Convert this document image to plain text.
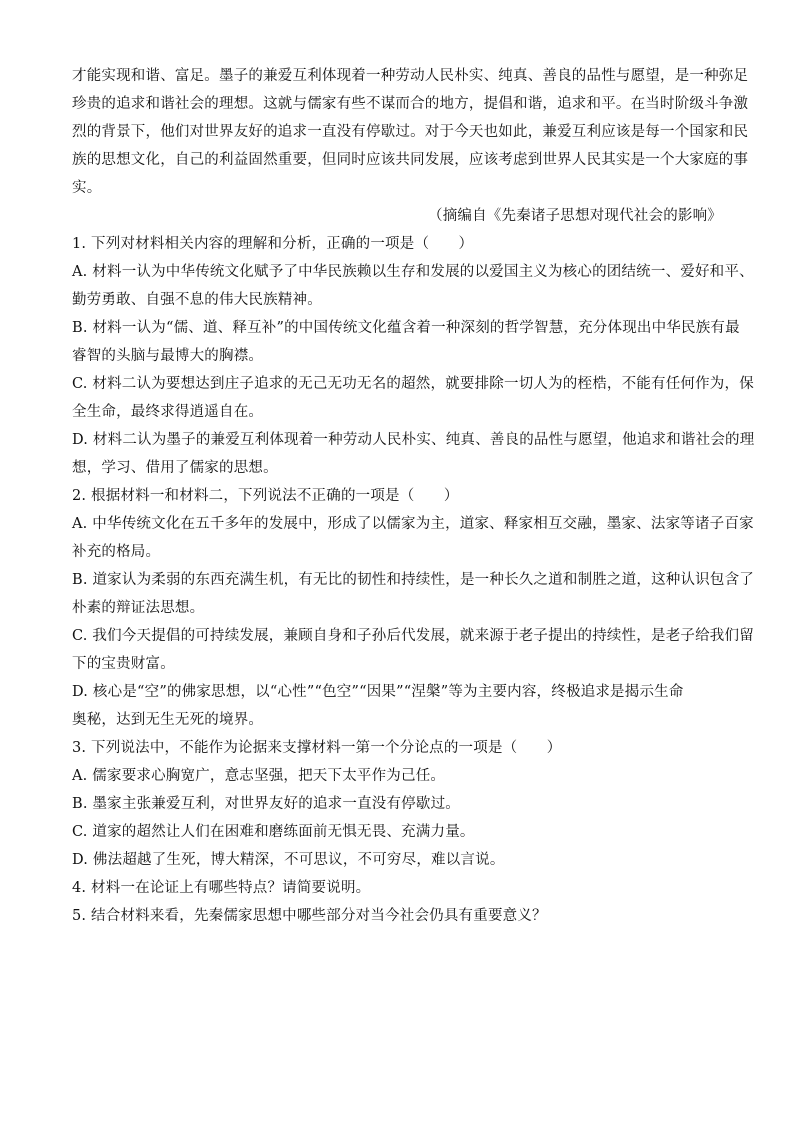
才能实现和谐、富足。墨子的兼爱互利体现着一种劳动人民朴实、纯真、善良的品性与愿望，是一种弥足
珍贵的追求和谐社会的理想。这就与儒家有些不谋而合的地方，提倡和谐，追求和平。在当时阶级斗争激
烈的背景下，他们对世界友好的追求一直没有停歇过。对于今天也如此，兼爱互利应该是每一个国家和民
族的思想文化，自己的利益固然重要，但同时应该共同发展，应该考虑到世界人民其实是一个大家庭的事
实。
（摘编自《先秦诸子思想对现代社会的影响》
1. 下列对材料相关内容的理解和分析，正确的一项是（　　）
A. 材料一认为中华传统文化赋予了中华民族赖以生存和发展的以爱国主义为核心的团结统一、爱好和平、
勤劳勇敢、自强不息的伟大民族精神。
B. 材料一认为“儒、道、释互补”的中国传统文化蕴含着一种深刻的哲学智慧，充分体现出中华民族有最
睿智的头脑与最博大的胸襟。
C. 材料二认为要想达到庄子追求的无己无功无名的超然，就要排除一切人为的桎梏，不能有任何作为，保
全生命，最终求得逍遥自在。
D. 材料二认为墨子的兼爱互利体现着一种劳动人民朴实、纯真、善良的品性与愿望，他追求和谐社会的理
想，学习、借用了儒家的思想。
2. 根据材料一和材料二，下列说法不正确的一项是（　　）
A. 中华传统文化在五千多年的发展中，形成了以儒家为主，道家、释家相互交融，墨家、法家等诸子百家
补充的格局。
B. 道家认为柔弱的东西充满生机，有无比的韧性和持续性，是一种长久之道和制胜之道，这种认识包含了
朴素的辩证法思想。
C. 我们今天提倡的可持续发展，兼顾自身和子孙后代发展，就来源于老子提出的持续性，是老子给我们留
下的宝贵财富。
D. 核心是“空”的佛家思想，以“心性”“色空”“因果”“涅槃”等为主要内容，终极追求是揭示生命
奥秘，达到无生无死的境界。
3. 下列说法中，不能作为论据来支撑材料一第一个分论点的一项是（　　）
A. 儒家要求心胸宽广，意志坚强，把天下太平作为己任。
B. 墨家主张兼爱互利，对世界友好的追求一直没有停歇过。
C. 道家的超然让人们在困难和磨练面前无惧无畏、充满力量。
D. 佛法超越了生死，博大精深，不可思议，不可穷尽，难以言说。
4. 材料一在论证上有哪些特点？请简要说明。
5. 结合材料来看，先秦儒家思想中哪些部分对当今社会仍具有重要意义？
